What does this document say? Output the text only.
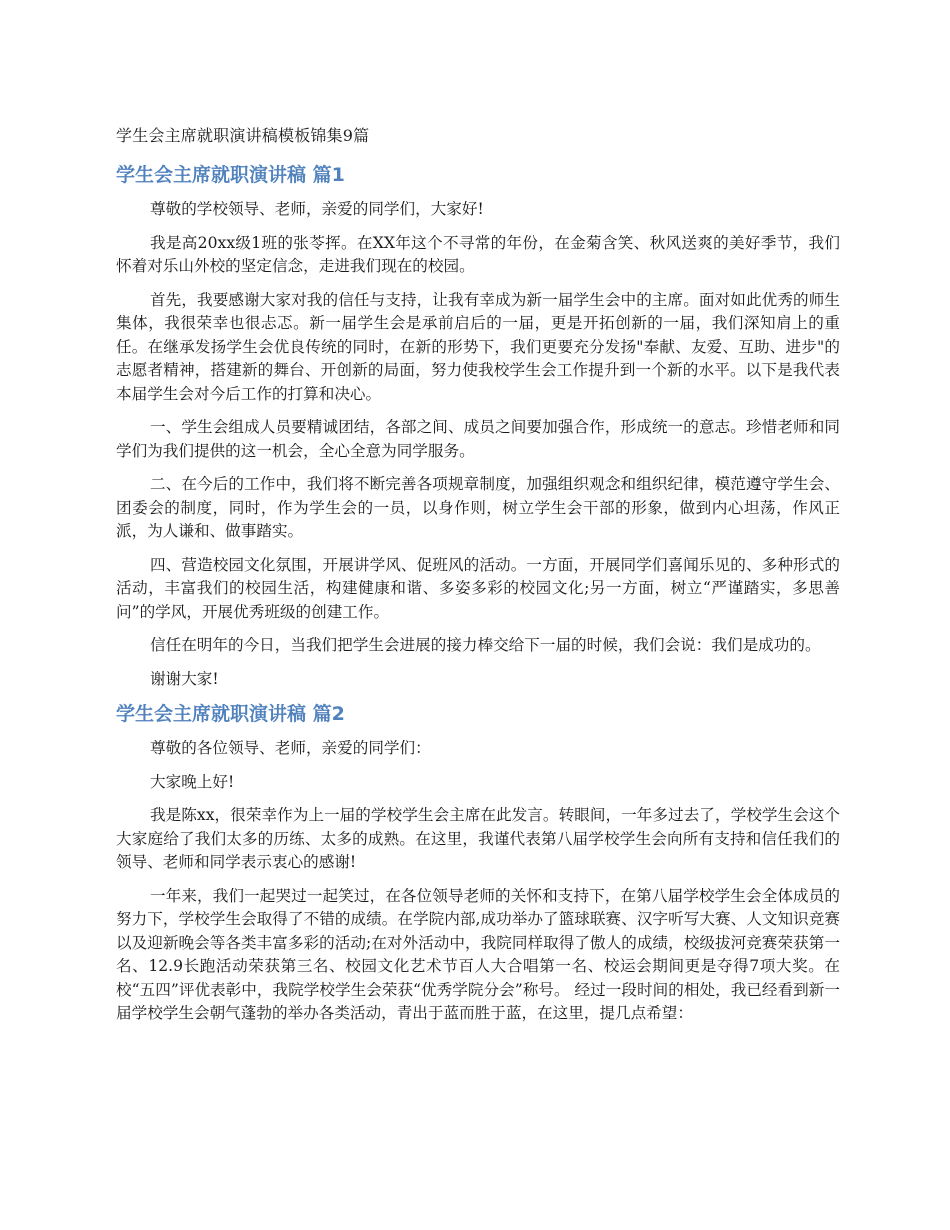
学生会主席就职演讲稿模板锦集9篇
学生会主席就职演讲稿 篇1

尊敬的学校领导、老师，亲爱的同学们，大家好!

我是高20xx级1班的张苓挥。在XX年这个不寻常的年份，在金菊含笑、秋风送爽的美好季节，我们怀着对乐山外校的坚定信念，走进我们现在的校园。

首先，我要感谢大家对我的信任与支持，让我有幸成为新一届学生会中的主席。面对如此优秀的师生集体，我很荣幸也很忐忑。新一届学生会是承前启后的一届，更是开拓创新的一届，我们深知肩上的重任。在继承发扬学生会优良传统的同时，在新的形势下，我们更要充分发扬"奉献、友爱、互助、进步"的志愿者精神，搭建新的舞台、开创新的局面，努力使我校学生会工作提升到一个新的水平。以下是我代表本届学生会对今后工作的打算和决心。

一、学生会组成人员要精诚团结，各部之间、成员之间要加强合作，形成统一的意志。珍惜老师和同学们为我们提供的这一机会，全心全意为同学服务。

二、在今后的工作中，我们将不断完善各项规章制度，加强组织观念和组织纪律，模范遵守学生会、团委会的制度，同时，作为学生会的一员，以身作则，树立学生会干部的形象，做到内心坦荡，作风正派，为人谦和、做事踏实。

四、营造校园文化氛围，开展讲学风、促班风的活动。一方面，开展同学们喜闻乐见的、多种形式的活动，丰富我们的校园生活，构建健康和谐、多姿多彩的校园文化;另一方面，树立“严谨踏实，多思善问”的学风，开展优秀班级的创建工作。

信任在明年的今日，当我们把学生会进展的接力棒交给下一届的时候，我们会说：我们是成功的。

谢谢大家!

学生会主席就职演讲稿 篇2

尊敬的各位领导、老师，亲爱的同学们：

大家晚上好!

我是陈xx，很荣幸作为上一届的学校学生会主席在此发言。转眼间，一年多过去了，学校学生会这个大家庭给了我们太多的历练、太多的成熟。在这里，我谨代表第八届学校学生会向所有支持和信任我们的领导、老师和同学表示衷心的感谢!

一年来，我们一起哭过一起笑过，在各位领导老师的关怀和支持下，在第八届学校学生会全体成员的努力下，学校学生会取得了不错的成绩。在学院内部,成功举办了篮球联赛、汉字听写大赛、人文知识竞赛以及迎新晚会等各类丰富多彩的活动;在对外活动中，我院同样取得了傲人的成绩，校级拔河竞赛荣获第一名、12.9长跑活动荣获第三名、校园文化艺术节百人大合唱第一名、校运会期间更是夺得7项大奖。在校“五四”评优表彰中，我院学校学生会荣获“优秀学院分会”称号。 经过一段时间的相处，我已经看到新一届学校学生会朝气蓬勃的举办各类活动，青出于蓝而胜于蓝，在这里，提几点希望：
